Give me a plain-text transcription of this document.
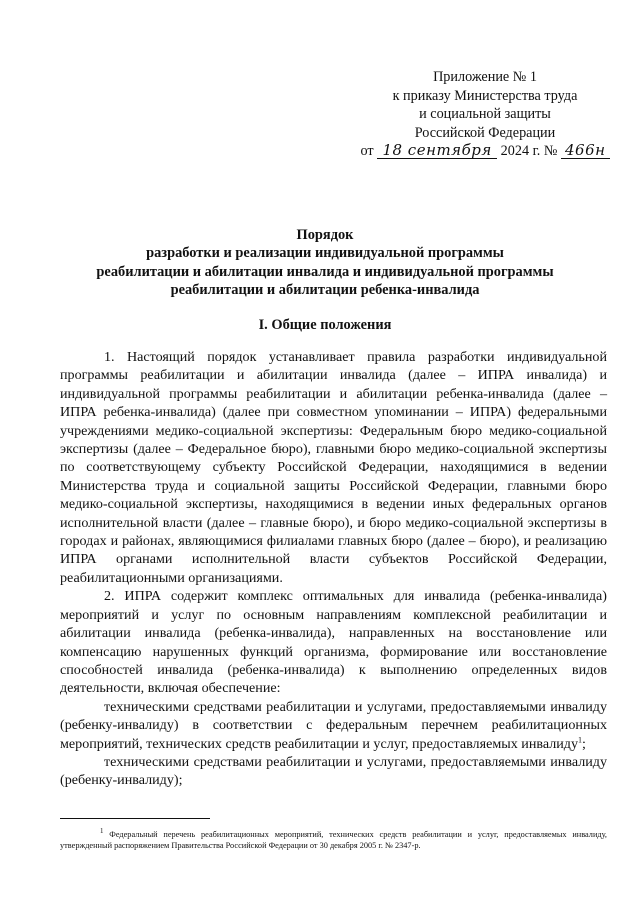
Приложение № 1
к приказу Министерства труда
и социальной защиты
Российской Федерации
от 18 сентября 2024 г. № 466н
Порядок
разработки и реализации индивидуальной программы
реабилитации и абилитации инвалида и индивидуальной программы
реабилитации и абилитации ребенка-инвалида
I. Общие положения

1. Настоящий порядок устанавливает правила разработки индивидуальной программы реабилитации и абилитации инвалида (далее – ИПРА инвалида) и индивидуальной программы реабилитации и абилитации ребенка-инвалида (далее – ИПРА ребенка-инвалида) (далее при совместном упоминании – ИПРА) федеральными учреждениями медико-социальной экспертизы: Федеральным бюро медико-социальной экспертизы (далее – Федеральное бюро), главными бюро медико-социальной экспертизы по соответствующему субъекту Российской Федерации, находящимися в ведении Министерства труда и социальной защиты Российской Федерации, главными бюро медико-социальной экспертизы, находящимися в ведении иных федеральных органов исполнительной власти (далее – главные бюро), и бюро медико-социальной экспертизы в городах и районах, являющимися филиалами главных бюро (далее – бюро), и реализацию ИПРА органами исполнительной власти субъектов Российской Федерации, реабилитационными организациями.

2. ИПРА содержит комплекс оптимальных для инвалида (ребенка-инвалида) мероприятий и услуг по основным направлениям комплексной реабилитации и абилитации инвалида (ребенка-инвалида), направленных на восстановление или компенсацию нарушенных функций организма, формирование или восстановление способностей инвалида (ребенка-инвалида) к выполнению определенных видов деятельности, включая обеспечение:

техническими средствами реабилитации и услугами, предоставляемыми инвалиду (ребенку-инвалиду) в соответствии с федеральным перечнем реабилитационных мероприятий, технических средств реабилитации и услуг, предоставляемых инвалиду$^1$;

техническими средствами реабилитации и услугами, предоставляемыми инвалиду (ребенку-инвалиду);

$^1$ Федеральный перечень реабилитационных мероприятий, технических средств реабилитации и услуг, предоставляемых инвалиду, утвержденный распоряжением Правительства Российской Федерации от 30 декабря 2005 г. № 2347-р.
